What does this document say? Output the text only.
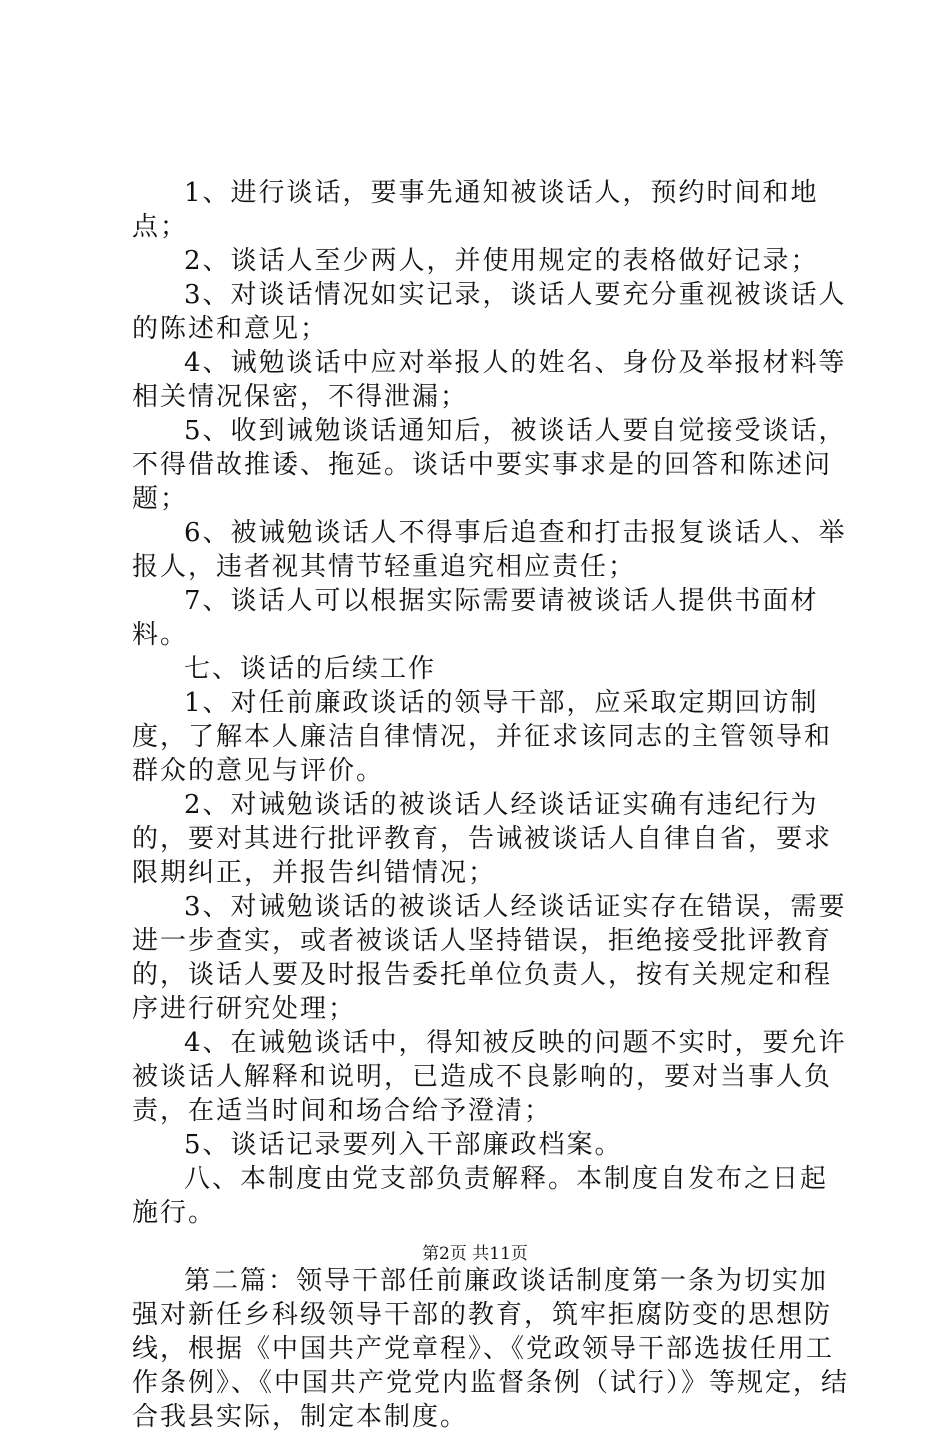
1、进行谈话，要事先通知被谈话人，预约时间和地点；

2、谈话人至少两人，并使用规定的表格做好记录；

3、对谈话情况如实记录，谈话人要充分重视被谈话人的陈述和意见；

4、诫勉谈话中应对举报人的姓名、身份及举报材料等相关情况保密，不得泄漏；

5、收到诫勉谈话通知后，被谈话人要自觉接受谈话，不得借故推诿、拖延。谈话中要实事求是的回答和陈述问题；

6、被诫勉谈话人不得事后追查和打击报复谈话人、举报人，违者视其情节轻重追究相应责任；

7、谈话人可以根据实际需要请被谈话人提供书面材料。

七、谈话的后续工作

1、对任前廉政谈话的领导干部，应采取定期回访制度，了解本人廉洁自律情况，并征求该同志的主管领导和群众的意见与评价。

2、对诫勉谈话的被谈话人经谈话证实确有违纪行为的，要对其进行批评教育，告诫被谈话人自律自省，要求限期纠正，并报告纠错情况；

3、对诫勉谈话的被谈话人经谈话证实存在错误，需要进一步查实，或者被谈话人坚持错误，拒绝接受批评教育的，谈话人要及时报告委托单位负责人，按有关规定和程序进行研究处理；

4、在诫勉谈话中，得知被反映的问题不实时，要允许被谈话人解释和说明，已造成不良影响的，要对当事人负责，在适当时间和场合给予澄清；

5、谈话记录要列入干部廉政档案。

八、本制度由党支部负责解释。本制度自发布之日起施行。

第二篇：领导干部任前廉政谈话制度第一条为切实加强对新任乡科级领导干部的教育，筑牢拒腐防变的思想防线，根据《中国共产党章程》、《党政领导干部选拔任用工作条例》、《中国共产党党内监督条例（试行）》等规定，结合我县实际，制定本制度。

第2页 共11页
